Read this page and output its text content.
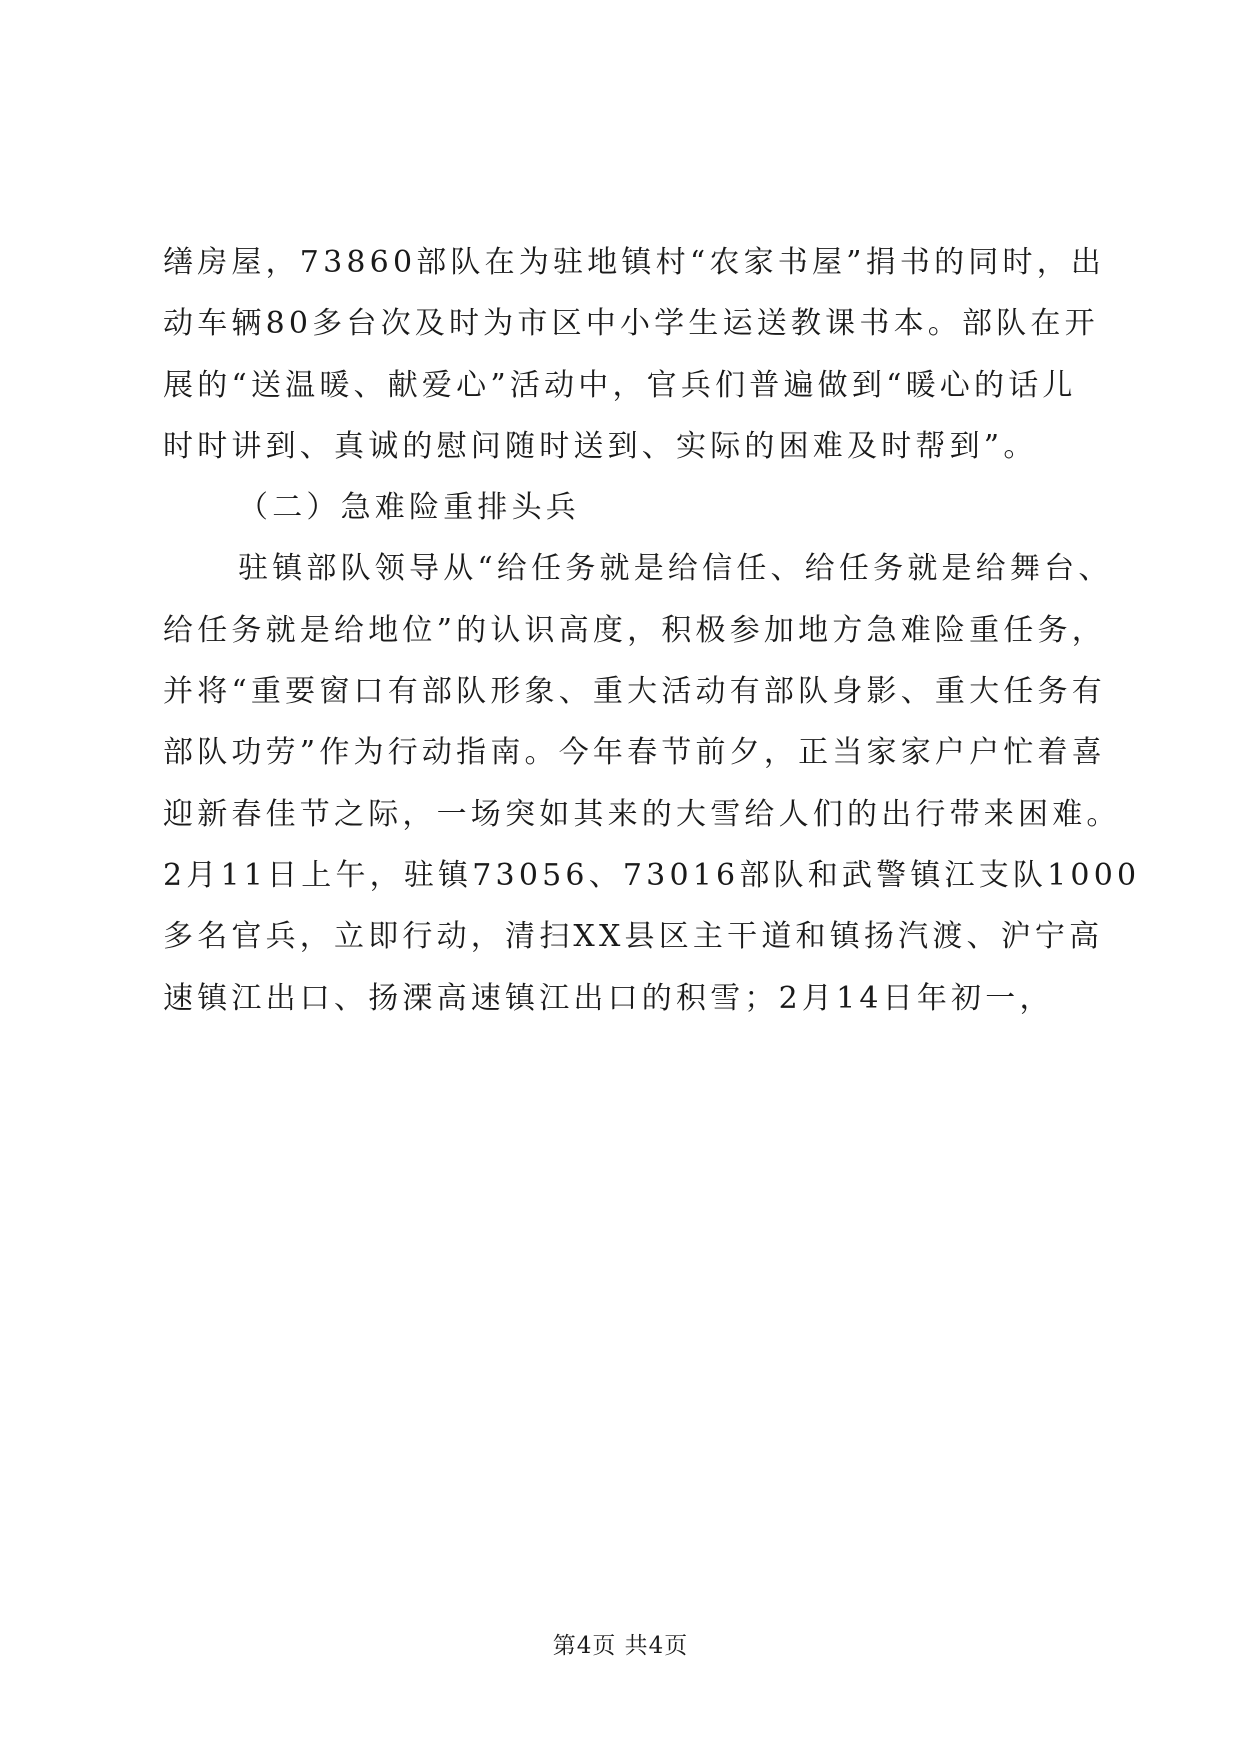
缮房屋，73860部队在为驻地镇村“农家书屋”捐书的同时，出
动车辆80多台次及时为市区中小学生运送教课书本。部队在开
展的“送温暖、献爱心”活动中，官兵们普遍做到“暖心的话儿
时时讲到、真诚的慰问随时送到、实际的困难及时帮到”。
（二）急难险重排头兵
驻镇部队领导从“给任务就是给信任、给任务就是给舞台、
给任务就是给地位”的认识高度，积极参加地方急难险重任务，
并将“重要窗口有部队形象、重大活动有部队身影、重大任务有
部队功劳”作为行动指南。今年春节前夕，正当家家户户忙着喜
迎新春佳节之际，一场突如其来的大雪给人们的出行带来困难。
2月11日上午，驻镇73056、73016部队和武警镇江支队1000
多名官兵，立即行动，清扫XX县区主干道和镇扬汽渡、沪宁高
速镇江出口、扬溧高速镇江出口的积雪；2月14日年初一，
第4页 共4页
